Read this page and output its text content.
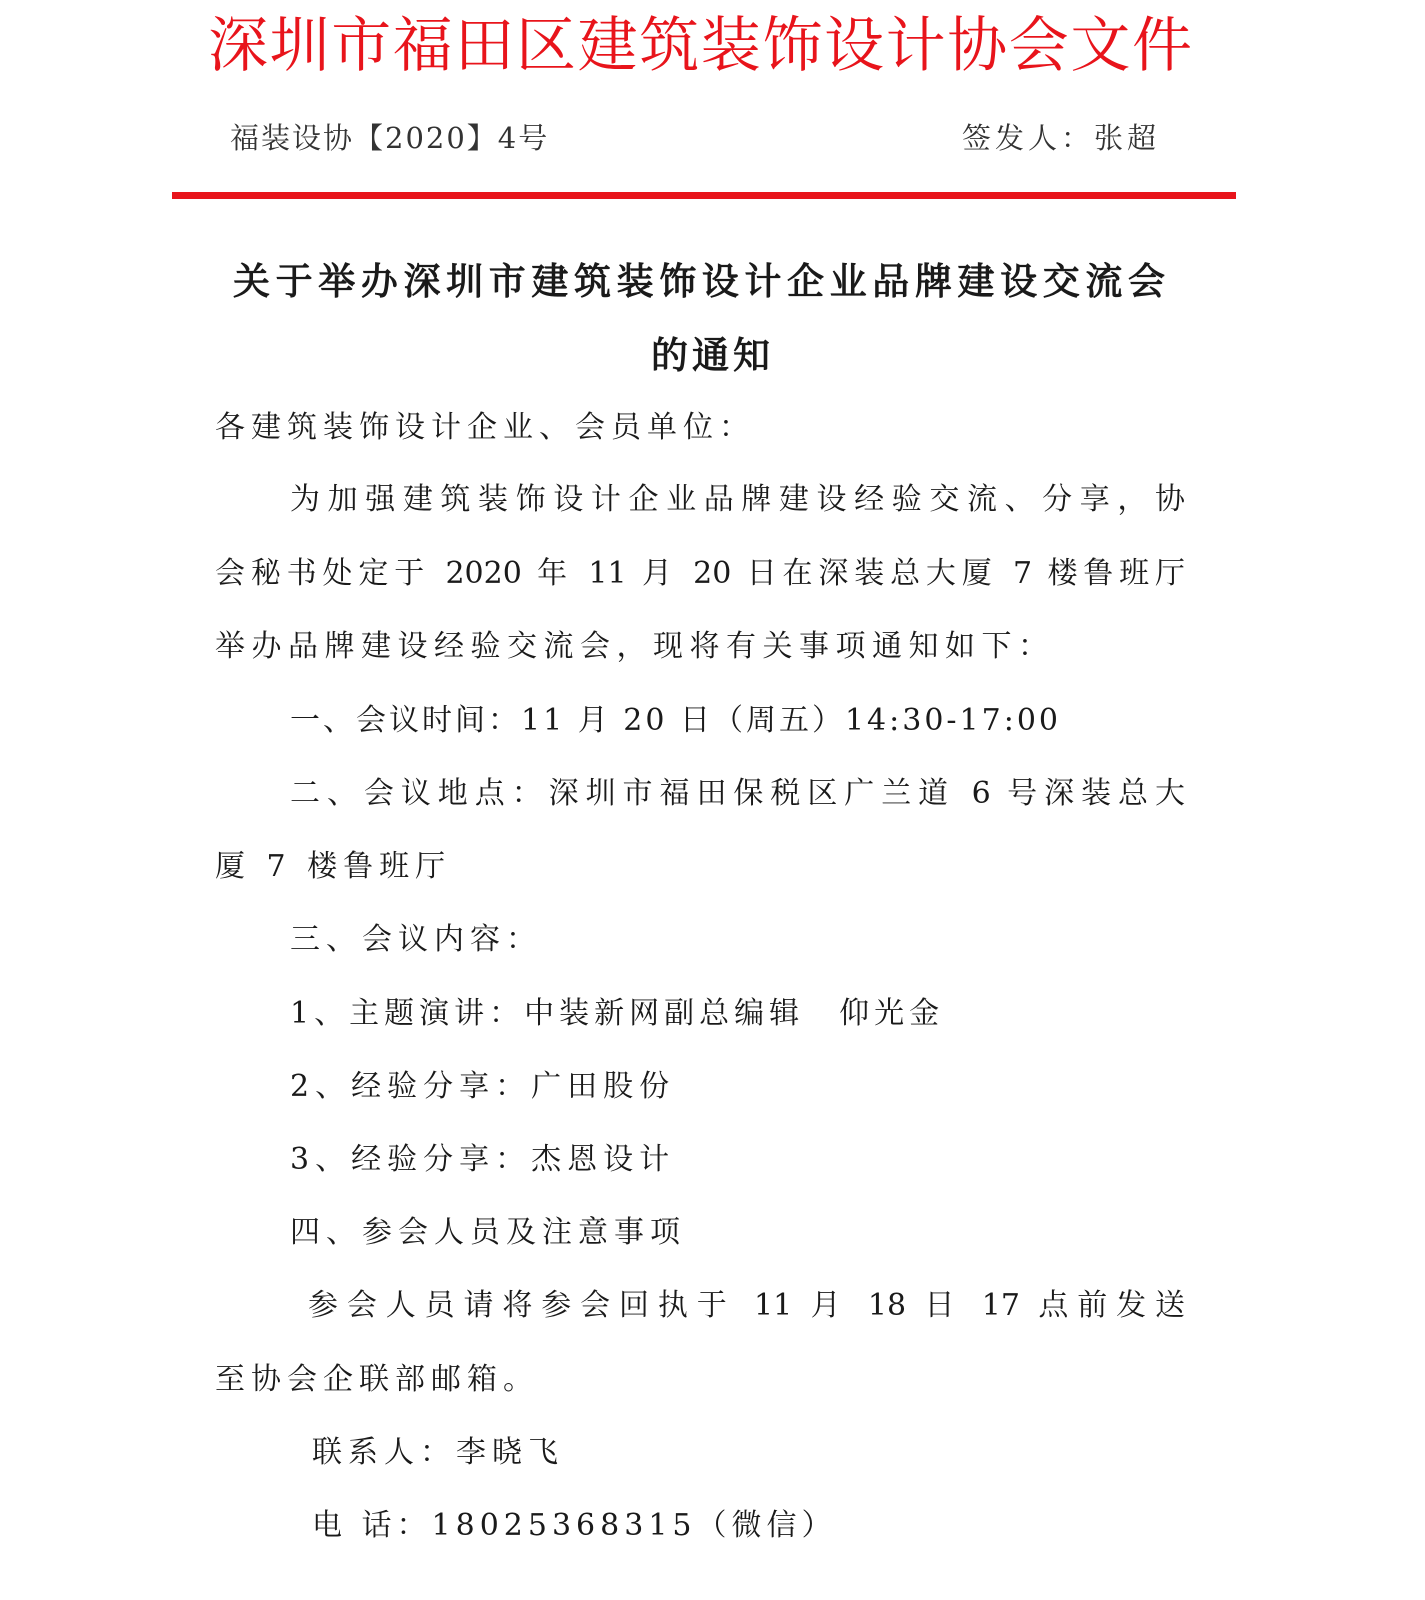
深圳市福田区建筑装饰设计协会文件
福装设协【2020】4号	签发人：张超
关于举办深圳市建筑装饰设计企业品牌建设交流会
的通知
各建筑装饰设计企业、会员单位：
为加强建筑装饰设计企业品牌建设经验交流、分享，协
会秘书处定于 2020 年 11 月 20 日在深装总大厦 7 楼鲁班厅
举办品牌建设经验交流会，现将有关事项通知如下：
一、会议时间：11 月 20 日（周五）14:30-17:00
二、会议地点：深圳市福田保税区广兰道 6 号深装总大
厦 7 楼鲁班厅
三、会议内容：
1、主题演讲：中装新网副总编辑　仰光金
2、经验分享：广田股份
3、经验分享：杰恩设计
四、参会人员及注意事项
参会人员请将参会回执于 11 月 18 日 17 点前发送
至协会企联部邮箱。
联系人：李晓飞
电 话：18025368315（微信）
